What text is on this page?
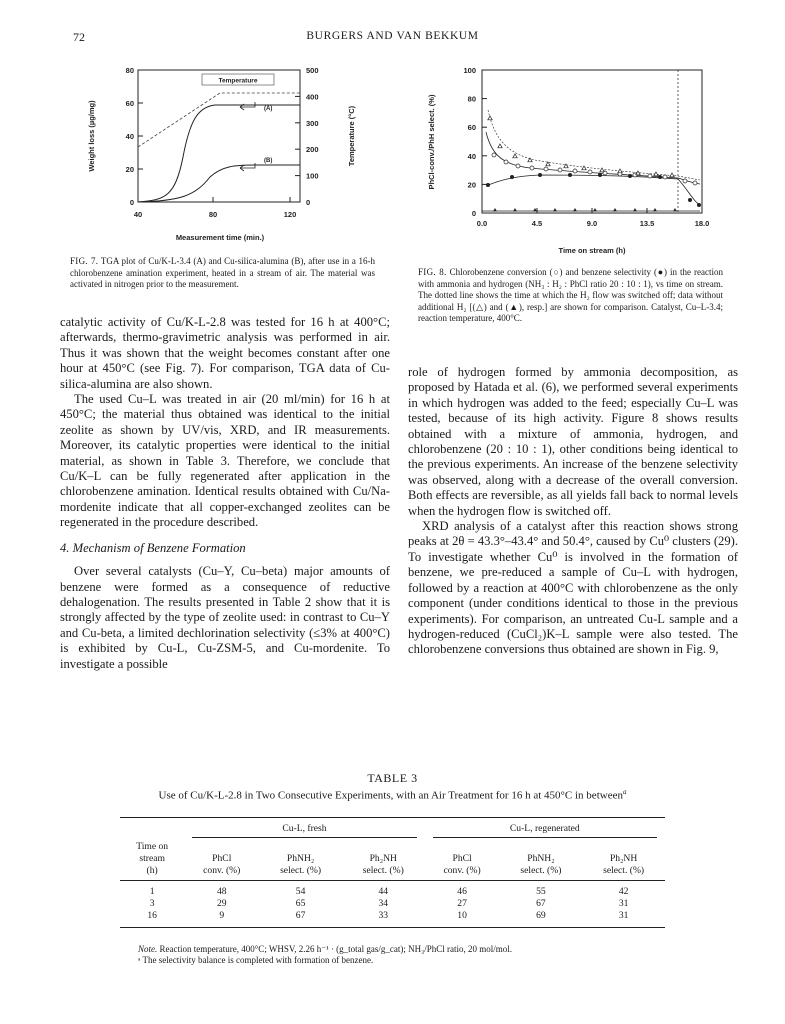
72	BURGERS AND VAN BEKKUM
0
20
40
60
80
0
100
200
300
400
500
40	80	120
Measurement time (min.)
Weight loss (µg/mg)	Temperature (°C)
Temperature
(A)
(B)
FIG. 7. TGA plot of Cu/K-L-3.4 (A) and Cu-silica-alumina (B), after use in a 16-h chlorobenzene amination experiment, heated in a stream of air. The material was activated in nitrogen prior to the measurement.
0
20
40
60
80
100
0.0	4.5	9.0	13.5	18.0
Time on stream (h)
PhCl-conv./PhH select. (%)
FIG. 8. Chlorobenzene conversion (○) and benzene selectivity (●) in the reaction with ammonia and hydrogen (NH₃ : H₂ : PhCl ratio 20 : 10 : 1), vs time on stream. The dotted line shows the time at which the H₂ flow was switched off; data without additional H₂ [(△) and (▲), resp.] are shown for comparison. Catalyst, Cu–L-3.4; reaction temperature, 400°C.

catalytic activity of Cu/K-L-2.8 was tested for 16 h at 400°C; afterwards, thermo-gravimetric analysis was performed in air. Thus it was shown that the weight becomes constant after one hour at 450°C (see Fig. 7). For comparison, TGA data of Cu-silica-alumina are also shown.

The used Cu–L was treated in air (20 ml/min) for 16 h at 450°C; the material thus obtained was identical to the initial zeolite as shown by UV/vis, XRD, and IR measurements. Moreover, its catalytic properties were identical to the initial material, as shown in Table 3. Therefore, we conclude that Cu/K–L can be fully regenerated after application in the chlorobenzene amination. Identical results obtained with Cu/Na-mordenite indicate that all copper-exchanged zeolites can be regenerated in the procedure described.

4. Mechanism of Benzene Formation

Over several catalysts (Cu–Y, Cu–beta) major amounts of benzene were formed as a consequence of reductive dehalogenation. The results presented in Table 2 show that it is strongly affected by the type of zeolite used: in contrast to Cu–Y and Cu-beta, a limited dechlorination selectivity (≤3% at 400°C) is exhibited by Cu-L, Cu-ZSM-5, and Cu-mordenite. To investigate a possible

role of hydrogen formed by ammonia decomposition, as proposed by Hatada et al. (6), we performed several experiments in which hydrogen was added to the feed; especially Cu–L was tested, because of its high activity. Figure 8 shows results obtained with a mixture of ammonia, hydrogen, and chlorobenzene (20 : 10 : 1), other conditions being identical to the previous experiments. An increase of the benzene selectivity was observed, along with a decrease of the overall conversion. Both effects are reversible, as all yields fall back to normal levels when the hydrogen flow is switched off.

XRD analysis of a catalyst after this reaction shows strong peaks at 2θ = 43.3°–43.4° and 50.4°, caused by Cu⁰ clusters (29). To investigate whether Cu⁰ is involved in the formation of benzene, we pre-reduced a sample of Cu–L with hydrogen, followed by a reaction at 400°C with chlorobenzene as the only component (under conditions identical to those in the previous experiments). For comparison, an untreated Cu-L sample and a hydrogen-reduced (CuCl₂)K–L sample were also tested. The chlorobenzene conversions thus obtained are shown in Fig. 9,

TABLE 3
Use of Cu/K-L-2.8 in Two Consecutive Experiments, with an Air Treatment for 16 h at 450°C in between$^a$

	Cu-L, fresh			Cu-L, regenerated		

Time on						
stream	PhCl	PhNH₂	Ph₂NH	PhCl	PhNH₂	Ph₂NH
(h)	conv. (%)	select. (%)	select. (%)	conv. (%)	select. (%)	select. (%)

1	48	54	44	46	55	42
3	29	65	34	27	67	31
16	9	67	33	10	69	31

Note. Reaction temperature, 400°C; WHSV, 2.26 h⁻¹ · (g_total gas/g_cat); NH₃/PhCl ratio, 20 mol/mol.
ᵃ The selectivity balance is completed with formation of benzene.
